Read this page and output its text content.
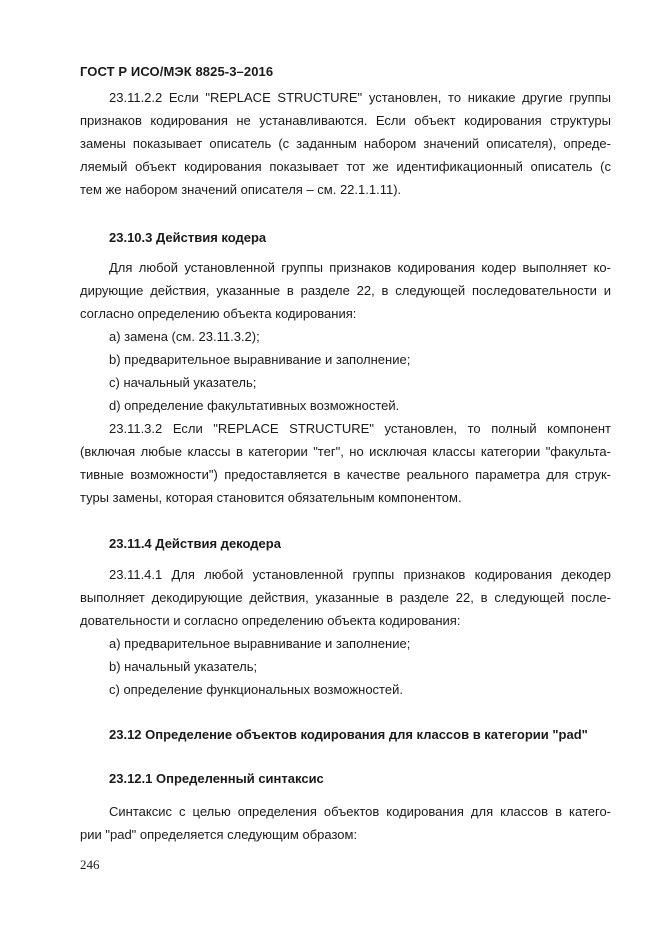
ГОСТ Р ИСО/МЭК 8825-3–2016
23.11.2.2 Если "REPLACE STRUCTURE" установлен, то никакие другие группы
признаков кодирования не устанавливаются. Если объект кодирования структуры
замены показывает описатель (с заданным набором значений описателя), опреде-
ляемый объект кодирования показывает тот же идентификационный описатель (с
тем же набором значений описателя – см. 22.1.1.11).
23.10.3 Действия кодера
Для любой установленной группы признаков кодирования кодер выполняет ко-
дирующие действия, указанные в разделе 22, в следующей последовательности и
согласно определению объекта кодирования:
a) замена (см. 23.11.3.2);
b) предварительное выравнивание и заполнение;
c) начальный указатель;
d) определение факультативных возможностей.
23.11.3.2 Если "REPLACE STRUCTURE" установлен, то полный компонент
(включая любые классы в категории "тег", но исключая классы категории "факульта-
тивные возможности") предоставляется в качестве реального параметра для струк-
туры замены, которая становится обязательным компонентом.
23.11.4 Действия декодера
23.11.4.1 Для любой установленной группы признаков кодирования декодер
выполняет декодирующие действия, указанные в разделе 22, в следующей после-
довательности и согласно определению объекта кодирования:
a) предварительное выравнивание и заполнение;
b) начальный указатель;
c) определение функциональных возможностей.
23.12 Определение объектов кодирования для классов в категории "pad"
23.12.1 Определенный синтаксис
Синтаксис с целью определения объектов кодирования для классов в катего-
рии "pad" определяется следующим образом:
246
